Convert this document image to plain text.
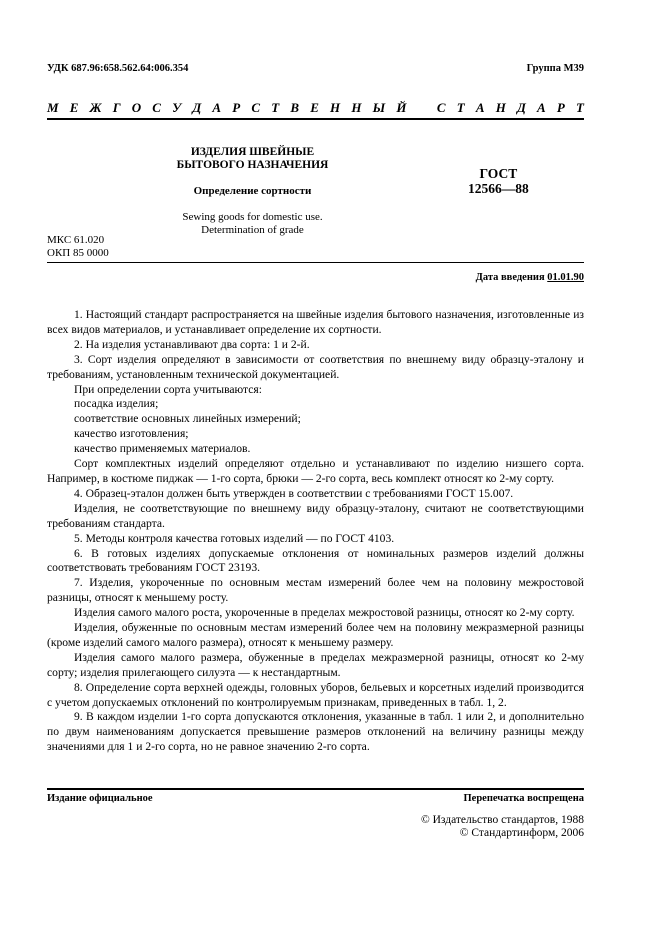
УДК 687.96:658.562.64:006.354	Группа М39
М Е Ж Г О С У Д А Р С Т В Е Н Н Ы Й С Т А Н Д А Р Т
ИЗДЕЛИЯ ШВЕЙНЫЕ
БЫТОВОГО НАЗНАЧЕНИЯ
Определение сортности
Sewing goods for domestic use.
Determination of grade
ГОСТ
12566—88
МКС 61.020
ОКП 85 0000
Дата введения 01.01.90

1. Настоящий стандарт распространяется на швейные изделия бытового назначения, изготовленные из всех видов материалов, и устанавливает определение их сортности.

2. На изделия устанавливают два сорта: 1 и 2-й.

3. Сорт изделия определяют в зависимости от соответствия по внешнему виду образцу-эталону и требованиям, установленным технической документацией.

При определении сорта учитываются:

посадка изделия;

соответствие основных линейных измерений;

качество изготовления;

качество применяемых материалов.

Сорт комплектных изделий определяют отдельно и устанавливают по изделию низшего сорта. Например, в костюме пиджак — 1-го сорта, брюки — 2-го сорта, весь комплект относят ко 2-му сорту.

4. Образец-эталон должен быть утвержден в соответствии с требованиями ГОСТ 15.007.

Изделия, не соответствующие по внешнему виду образцу-эталону, считают не соответствующими требованиям стандарта.

5. Методы контроля качества готовых изделий — по ГОСТ 4103.

6. В готовых изделиях допускаемые отклонения от номинальных размеров изделий должны соответствовать требованиям ГОСТ 23193.

7. Изделия, укороченные по основным местам измерений более чем на половину межростовой разницы, относят к меньшему росту.

Изделия самого малого роста, укороченные в пределах межростовой разницы, относят ко 2-му сорту.

Изделия, обуженные по основным местам измерений более чем на половину межразмерной разницы (кроме изделий самого малого размера), относят к меньшему размеру.

Изделия самого малого размера, обуженные в пределах межразмерной разницы, относят ко 2-му сорту; изделия прилегающего силуэта — к нестандартным.

8. Определение сорта верхней одежды, головных уборов, бельевых и корсетных изделий производится с учетом допускаемых отклонений по контролируемым признакам, приведенных в табл. 1, 2.

9. В каждом изделии 1-го сорта допускаются отклонения, указанные в табл. 1 или 2, и дополнительно по двум наименованиям допускается превышение размеров отклонений на величину разницы между значениями для 1 и 2-го сорта, но не равное значению 2-го сорта.

Издание официальное	Перепечатка воспрещена
© Издательство стандартов, 1988
© Стандартинформ, 2006
